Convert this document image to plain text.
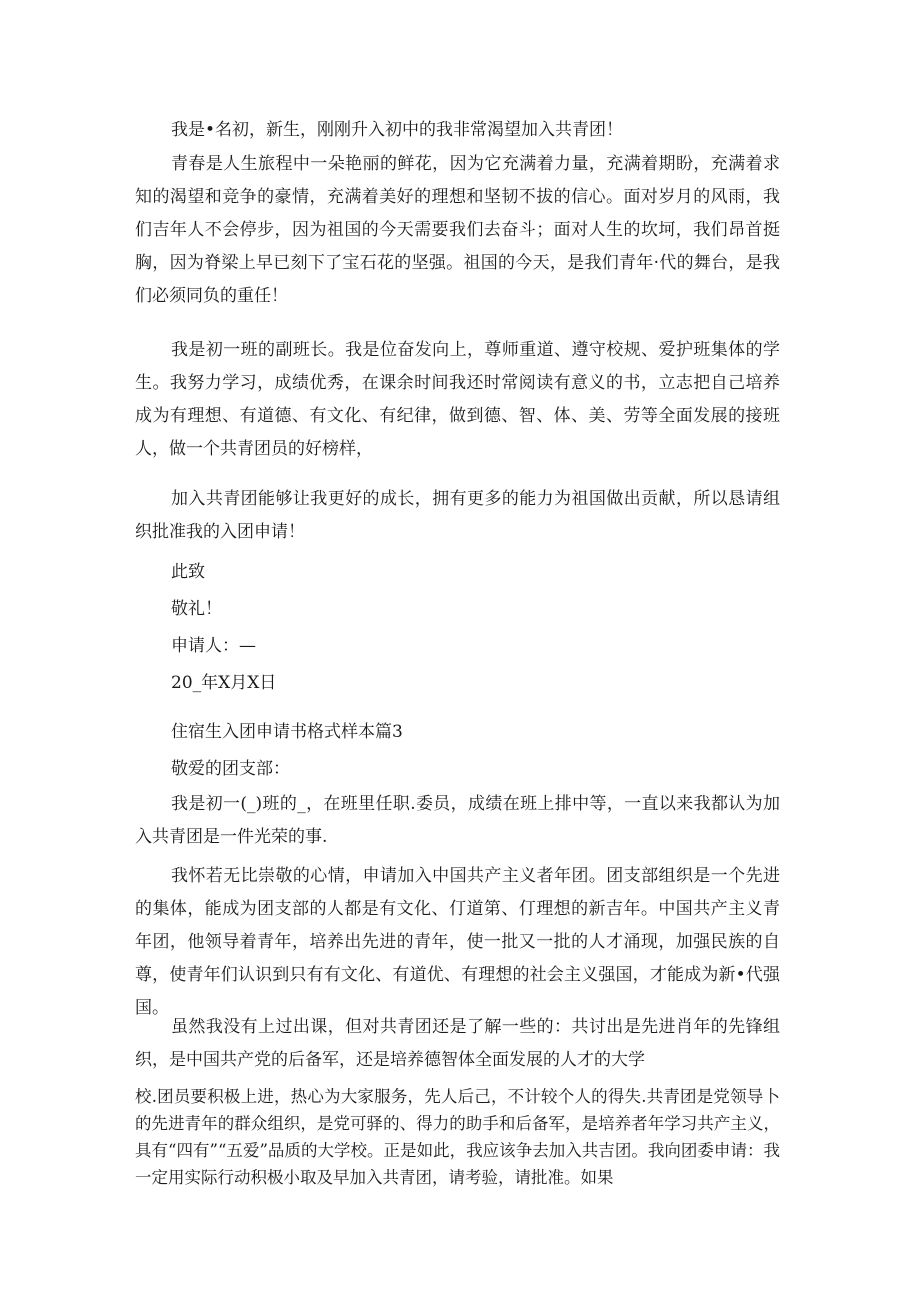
我是•名初，新生，刚刚升入初中的我非常渴望加入共青团！

青春是人生旅程中一朵艳丽的鲜花，因为它充满着力量，充满着期盼，充满着求知的渴望和竞争的豪情，充满着美好的理想和坚韧不拔的信心。面对岁月的风雨，我们吉年人不会停步，因为祖国的今天需要我们去奋斗；面对人生的坎坷，我们昂首挺胸，因为脊梁上早已刻下了宝石花的坚强。祖国的今天，是我们青年·代的舞台，是我们必须同负的重任！

我是初一班的副班长。我是位奋发向上，尊师重道、遵守校规、爱护班集体的学生。我努力学习，成绩优秀，在课余时间我还时常阅读有意义的书，立志把自己培养成为有理想、有道德、有文化、有纪律，做到德、智、体、美、劳等全面发展的接班人，做一个共青团员的好榜样，

加入共青团能够让我更好的成长，拥有更多的能力为祖国做出贡献，所以恳请组织批准我的入团申请！

此致

敬礼！

申请人：—

20_年X月X日

住宿生入团申请书格式样本篇3

敬爱的团支部：

我是初一(_)班的_，在班里任职.委员，成绩在班上排中等，一直以来我都认为加入共青团是一件光荣的事.

我怀若无比崇敬的心情，申请加入中国共产主义者年团。团支部组织是一个先进的集体，能成为团支部的人都是有文化、仃道第、仃理想的新吉年。中国共产主义青年团，他领导着青年，培养出先进的青年，使一批又一批的人才涌现，加强民族的自尊，使青年们认识到只有有文化、有道优、有理想的社会主义强国，才能成为新•代强国。

虽然我没有上过出课，但对共青团还是了解一些的：共讨出是先进肖年的先锋组织，是中国共产党的后备军，还是培养德智体全面发展的人才的大学

校.团员要积极上进，热心为大家服务，先人后己，不计较个人的得失.共青团是党领导卜的先进青年的群众组织，是党可驿的、得力的助手和后备军，是培养者年学习共产主义，具有“四有”“五爱”品质的大学校。正是如此，我应该争去加入共吉团。我向团委申请：我一定用实际行动积极小取及早加入共青团，请考验，请批准。如果
